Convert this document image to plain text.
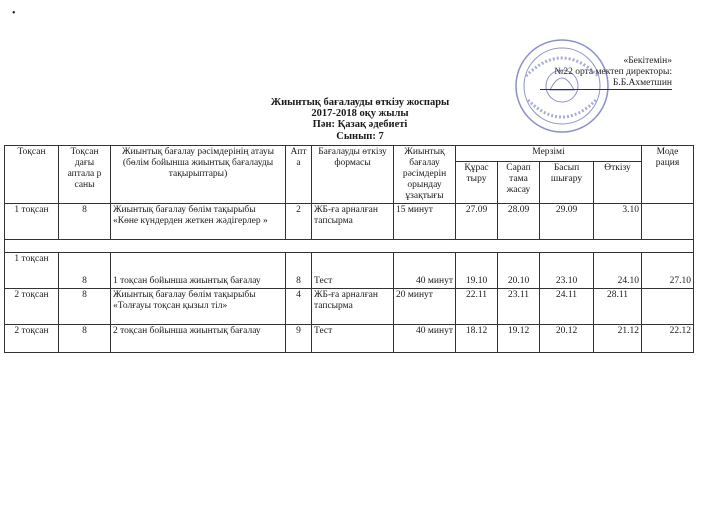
•
«Бекітемін»
№22 орта мектеп директоры:
Б.Б.Ахметшин
Жиынтық бағалауды өткізу жоспары
2017-2018 оқу жылы
Пән: Қазақ әдебиеті
Сынып: 7
Тоқсан	Тоқсан дағы аптала р саны	Жиынтық бағалау рәсімдерінің атауы (бөлім бойынша жиынтық бағалауды тақырыптары)	Апт а	Бағалауды өткізу формасы	Жиынтық бағалау рәсімдерін орындау ұзақтығы	Мерзімі				Моде рация
						Құрас тыру	Сарап тама жасау	Басып шығару	Өткізу	
1 тоқсан	8	Жиынтық бағалау бөлім тақырыбы «Көне күндерден жеткен жәдігерлер »	2	ЖБ-ға арналған тапсырма	15 минут	27.09	28.09	29.09	3.10	

1 тоқсан	8	1 тоқсан бойынша жиынтық бағалау	8	Тест	40 минут	19.10	20.10	23.10	24.10	27.10
2 тоқсан	8	Жиынтық бағалау бөлім тақырыбы «Толғауы тоқсан қызыл тіл»	4	ЖБ-ға арналған тапсырма	20 минут	22.11	23.11	24.11	28.11	
2 тоқсан	8	2 тоқсан бойынша жиынтық бағалау	9	Тест	40 минут	18.12	19.12	20.12	21.12	22.12
